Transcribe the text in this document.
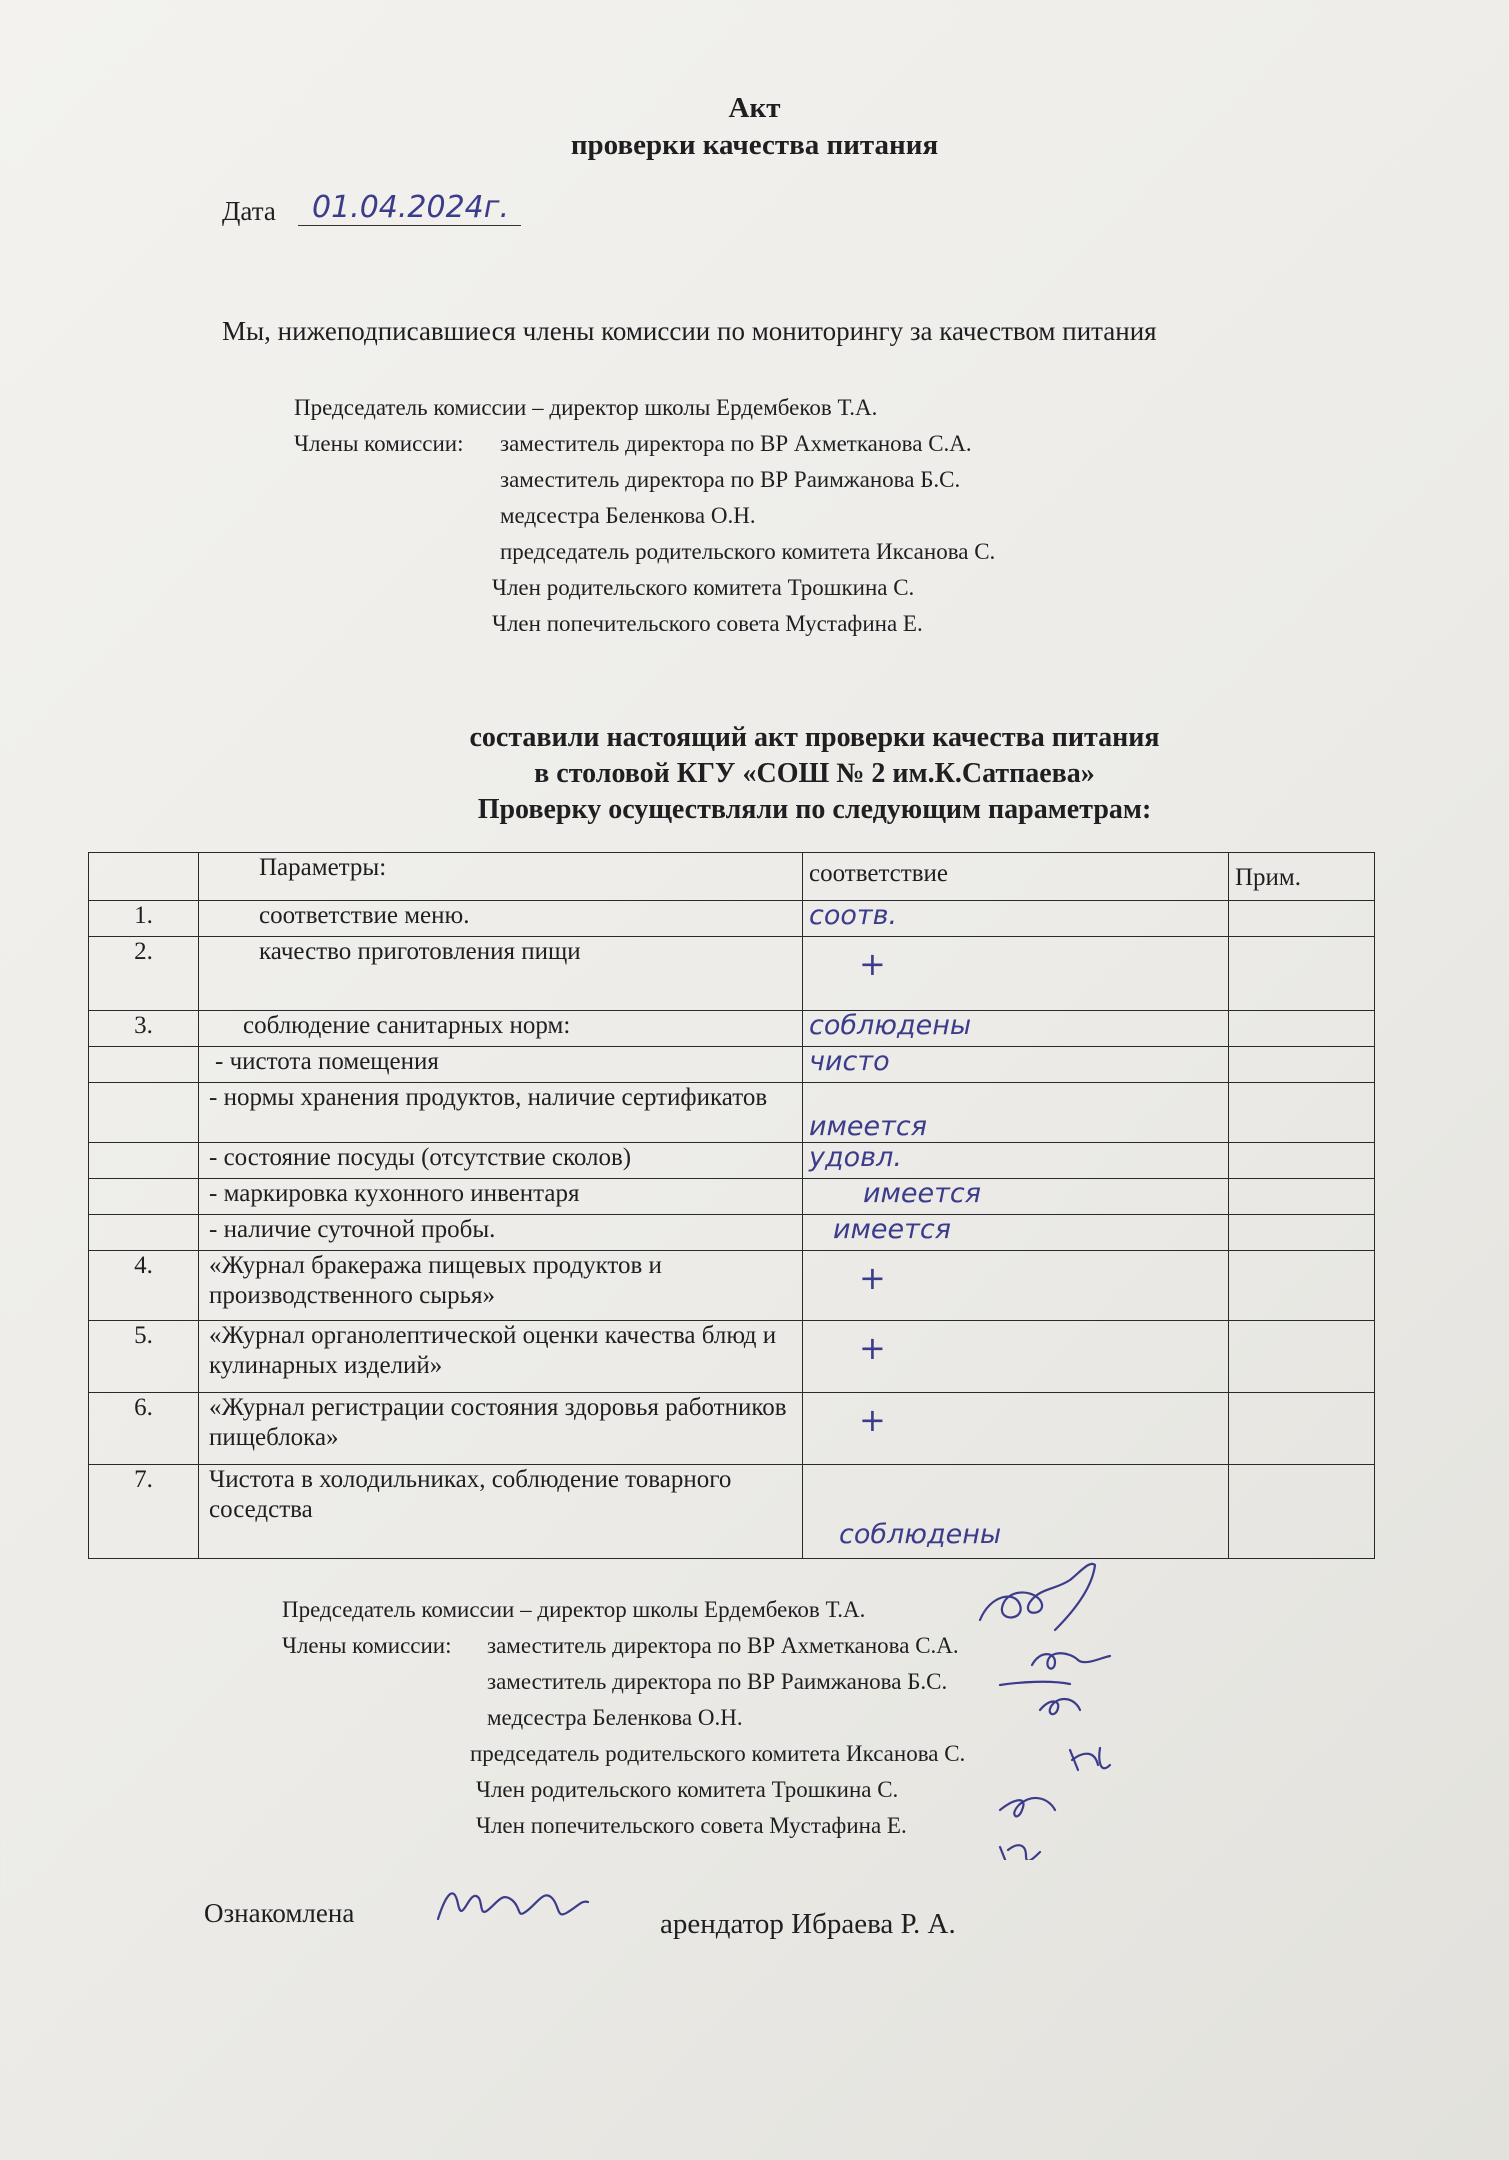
Акт
проверки качества питания
Дата	01.04.2024г.
Мы, нижеподписавшиеся члены комиссии по мониторингу за качеством питания
Председатель комиссии – директор школы Ердембеков Т.А.
Члены комиссии: заместитель директора по ВР Ахметканова С.А.
заместитель директора по ВР Раимжанова Б.С.
медсестра Беленкова О.Н.
председатель родительского комитета Иксанова С.
Член родительского комитета Трошкина С.
Член попечительского совета Мустафина Е.
составили настоящий акт проверки качества питания
в столовой КГУ «СОШ № 2 им.К.Сатпаева»
Проверку осуществляли по следующим параметрам:
	Параметры:	соответствие	Прим.
1.	соответствие меню.	соотв.	
2.	качество приготовления пищи	+	

3.	соблюдение санитарных норм:	соблюдены	
	- чистота помещения	чисто	
	- нормы хранения продуктов, наличие сертификатов	имеется	
	- состояние посуды (отсутствие сколов)	удовл.	
	- маркировка кухонного инвентаря	имеется	
	- наличие суточной пробы.	имеется	
4.	«Журнал бракеража пищевых продуктов и производственного сырья»	+	

5.	«Журнал органолептической оценки качества блюд и кулинарных изделий»	+	

6.	«Журнал регистрации состояния здоровья работников пищеблока»	+	

7.	Чистота в холодильниках, соблюдение товарного соседства	соблюдены	
Председатель комиссии – директор школы Ердембеков Т.А.
Члены комиссии: заместитель директора по ВР Ахметканова С.А.
заместитель директора по ВР Раимжанова Б.С.
медсестра Беленкова О.Н.
председатель родительского комитета Иксанова С.
Член родительского комитета Трошкина С.
Член попечительского совета Мустафина Е.
Ознакомлена	арендатор Ибраева Р. А.
